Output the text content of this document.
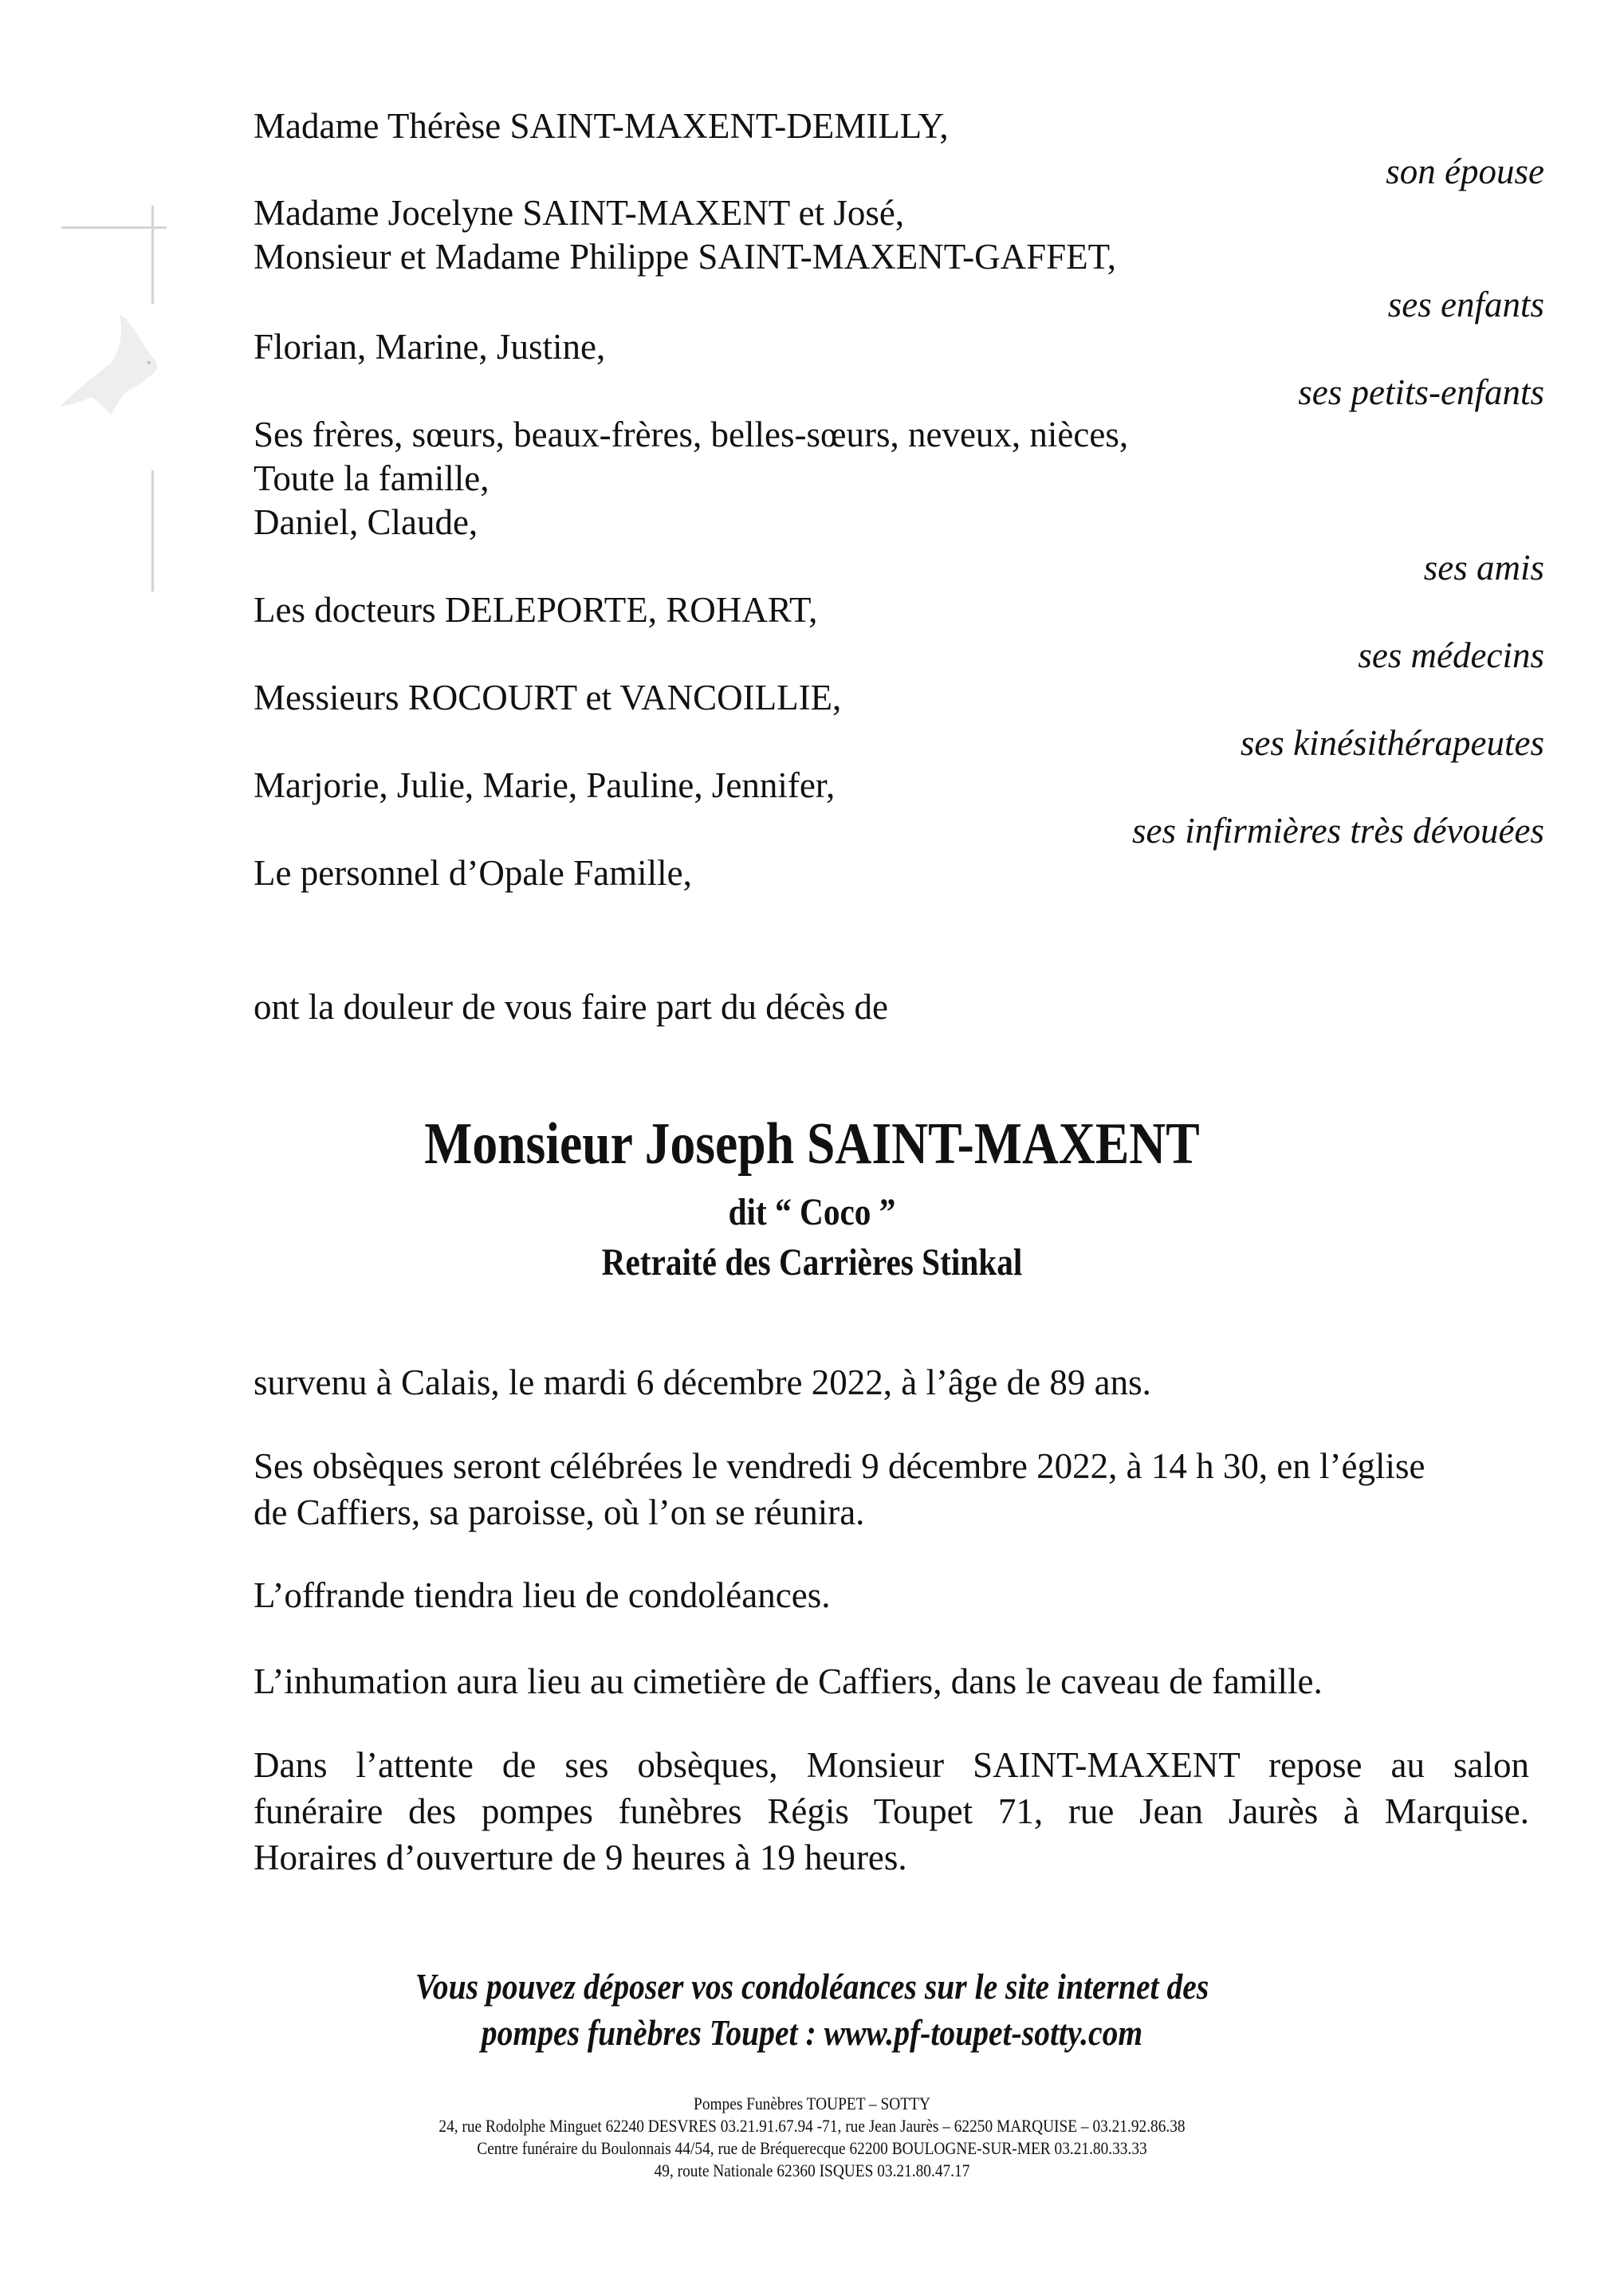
Madame Thérèse SAINT-MAXENT-DEMILLY,
son épouse
Madame Jocelyne SAINT-MAXENT et José,
Monsieur et Madame Philippe SAINT-MAXENT-GAFFET,
ses enfants
Florian, Marine, Justine,
ses petits-enfants
Ses frères, sœurs, beaux-frères, belles-sœurs, neveux, nièces,
Toute la famille,
Daniel, Claude,
ses amis
Les docteurs DELEPORTE, ROHART,
ses médecins
Messieurs ROCOURT et VANCOILLIE,
ses kinésithérapeutes
Marjorie, Julie, Marie, Pauline, Jennifer,
ses infirmières très dévouées
Le personnel d’Opale Famille,
ont la douleur de vous faire part du décès de
Monsieur Joseph SAINT-MAXENT
dit “ Coco ”
Retraité des Carrières Stinkal
survenu à Calais, le mardi 6 décembre 2022, à l’âge de 89 ans.
Ses obsèques seront célébrées le vendredi 9 décembre 2022, à 14 h 30, en l’église
de Caffiers, sa paroisse, où l’on se réunira.
L’offrande tiendra lieu de condoléances.
L’inhumation aura lieu au cimetière de Caffiers, dans le caveau de famille.
Dans l’attente de ses obsèques, Monsieur SAINT-MAXENT repose au salon
funéraire des pompes funèbres Régis Toupet 71, rue Jean Jaurès à Marquise.
Horaires d’ouverture de 9 heures à 19 heures.
Vous pouvez déposer vos condoléances sur le site internet des
pompes funèbres Toupet : www.pf-toupet-sotty.com
Pompes Funèbres TOUPET – SOTTY
24, rue Rodolphe Minguet 62240 DESVRES 03.21.91.67.94 -71, rue Jean Jaurès – 62250 MARQUISE – 03.21.92.86.38
Centre funéraire du Boulonnais 44/54, rue de Bréquerecque 62200 BOULOGNE-SUR-MER 03.21.80.33.33
49, route Nationale 62360 ISQUES 03.21.80.47.17
